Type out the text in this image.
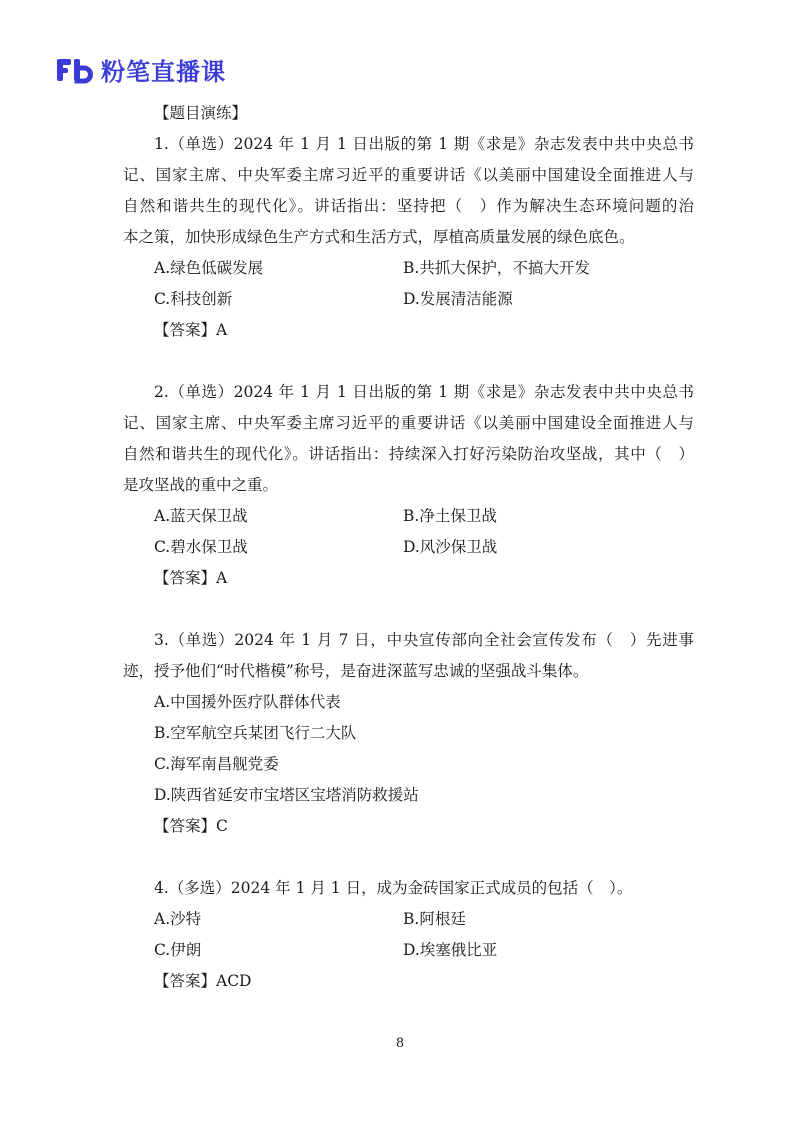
粉笔直播课
【题目演练】
1.（单选）2024 年 1 月 1 日出版的第 1 期《求是》杂志发表中共中央总书
记、国家主席、中央军委主席习近平的重要讲话《以美丽中国建设全面推进人与
自然和谐共生的现代化》。讲话指出：坚持把（　）作为解决生态环境问题的治
本之策，加快形成绿色生产方式和生活方式，厚植高质量发展的绿色底色。
A.绿色低碳发展	B.共抓大保护，不搞大开发
C.科技创新	D.发展清洁能源
【答案】A
2.（单选）2024 年 1 月 1 日出版的第 1 期《求是》杂志发表中共中央总书
记、国家主席、中央军委主席习近平的重要讲话《以美丽中国建设全面推进人与
自然和谐共生的现代化》。讲话指出：持续深入打好污染防治攻坚战，其中（　）
是攻坚战的重中之重。
A.蓝天保卫战	B.净土保卫战
C.碧水保卫战	D.风沙保卫战
【答案】A
3.（单选）2024 年 1 月 7 日，中央宣传部向全社会宣传发布（　）先进事
迹，授予他们“时代楷模”称号，是奋进深蓝写忠诚的坚强战斗集体。
A.中国援外医疗队群体代表
B.空军航空兵某团飞行二大队
C.海军南昌舰党委
D.陕西省延安市宝塔区宝塔消防救援站
【答案】C
4.（多选）2024 年 1 月 1 日，成为金砖国家正式成员的包括（　）。
A.沙特	B.阿根廷
C.伊朗	D.埃塞俄比亚
【答案】ACD
8
